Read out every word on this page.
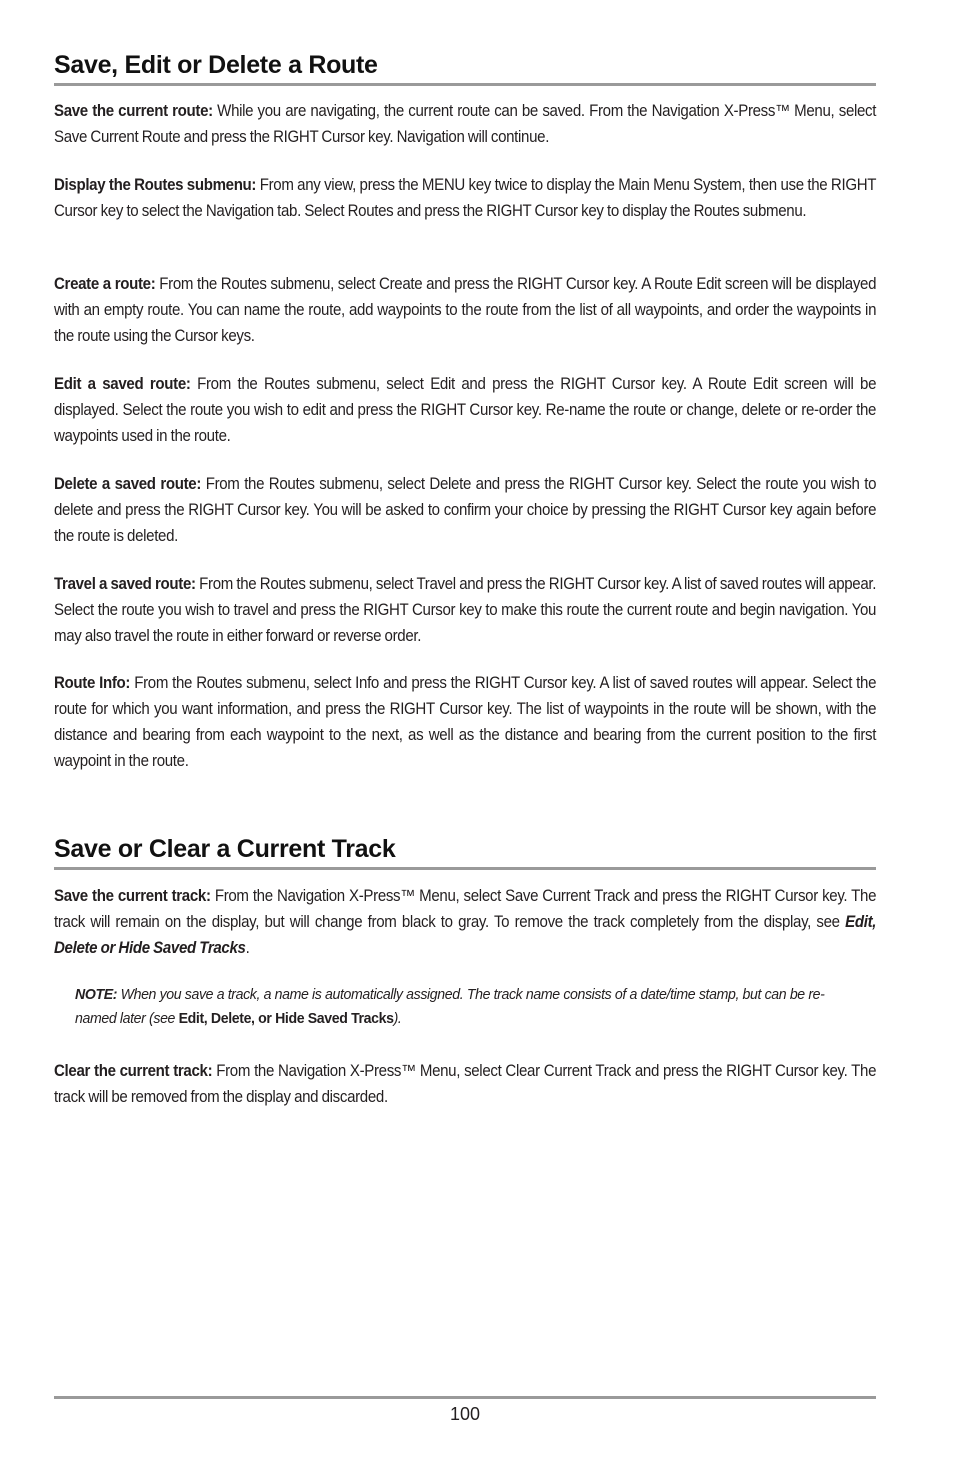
Save, Edit or Delete a Route

Save the current route: While you are navigating, the current route can be saved. From the Navigation X-Press™ Menu, select Save Current Route and press the RIGHT Cursor key. Navigation will continue.

Display the Routes submenu: From any view, press the MENU key twice to display the Main Menu System, then use the RIGHT Cursor key to select the Navigation tab. Select Routes and press the RIGHT Cursor key to display the Routes submenu.

Create a route: From the Routes submenu, select Create and press the RIGHT Cursor key. A Route Edit screen will be displayed with an empty route. You can name the route, add waypoints to the route from the list of all waypoints, and order the waypoints in the route using the Cursor keys.

Edit a saved route: From the Routes submenu, select Edit and press the RIGHT Cursor key. A Route Edit screen will be displayed. Select the route you wish to edit and press the RIGHT Cursor key. Re-name the route or change, delete or re-order the waypoints used in the route.

Delete a saved route: From the Routes submenu, select Delete and press the RIGHT Cursor key. Select the route you wish to delete and press the RIGHT Cursor key. You will be asked to confirm your choice by pressing the RIGHT Cursor key again before the route is deleted.

Travel a saved route: From the Routes submenu, select Travel and press the RIGHT Cursor key. A list of saved routes will appear. Select the route you wish to travel and press the RIGHT Cursor key to make this route the current route and begin navigation. You may also travel the route in either forward or reverse order.

Route Info: From the Routes submenu, select Info and press the RIGHT Cursor key. A list of saved routes will appear. Select the route for which you want information, and press the RIGHT Cursor key. The list of waypoints in the route will be shown, with the distance and bearing from each waypoint to the next, as well as the distance and bearing from the current position to the first waypoint in the route.

Save or Clear a Current Track

Save the current track: From the Navigation X-Press™ Menu, select Save Current Track and press the RIGHT Cursor key. The track will remain on the display, but will change from black to gray. To remove the track completely from the display, see Edit, Delete or Hide Saved Tracks.

NOTE: When you save a track, a name is automatically assigned. The track name consists of a date/time stamp, but can be re-named later (see Edit, Delete, or Hide Saved Tracks).

Clear the current track: From the Navigation X-Press™ Menu, select Clear Current Track and press the RIGHT Cursor key. The track will be removed from the display and discarded.

100
